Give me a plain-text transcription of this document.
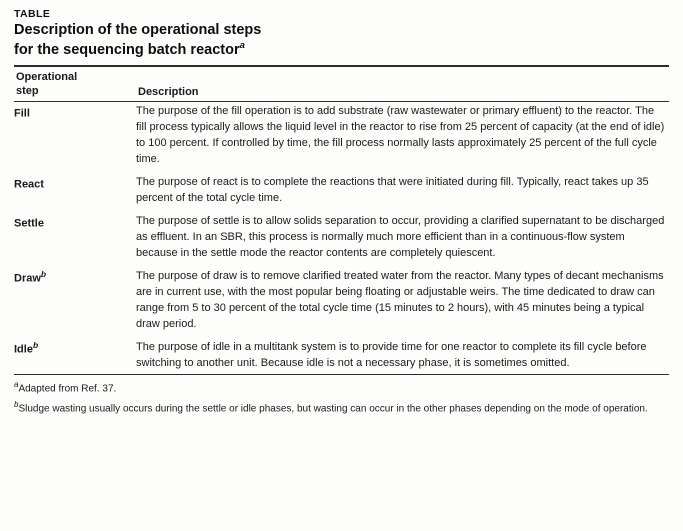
TABLE
Description of the operational steps
for the sequencing batch reactor$^a$
Operational
step	Description
Fill	The purpose of the fill operation is to add substrate (raw wastewater or primary effluent) to the reactor. The fill process typically allows the liquid level in the reactor to rise from 25 percent of capacity (at the end of idle) to 100 percent. If controlled by time, the fill process normally lasts approximately 25 percent of the full cycle time.
React	The purpose of react is to complete the reactions that were initiated during fill. Typically, react takes up 35 percent of the total cycle time.
Settle	The purpose of settle is to allow solids separation to occur, providing a clarified supernatant to be discharged as effluent. In an SBR, this process is normally much more efficient than in a continuous-flow system because in the settle mode the reactor contents are completely quiescent.
Draw$^b$	The purpose of draw is to remove clarified treated water from the reactor. Many types of decant mechanisms are in current use, with the most popular being floating or adjustable weirs. The time dedicated to draw can range from 5 to 30 percent of the total cycle time (15 minutes to 2 hours), with 45 minutes being a typical draw period.
Idle$^b$	The purpose of idle in a multitank system is to provide time for one reactor to complete its fill cycle before switching to another unit. Because idle is not a necessary phase, it is sometimes omitted.
$^a$Adapted from Ref. 37.
$^b$Sludge wasting usually occurs during the settle or idle phases, but wasting can occur in the other phases depending on the mode of operation.
